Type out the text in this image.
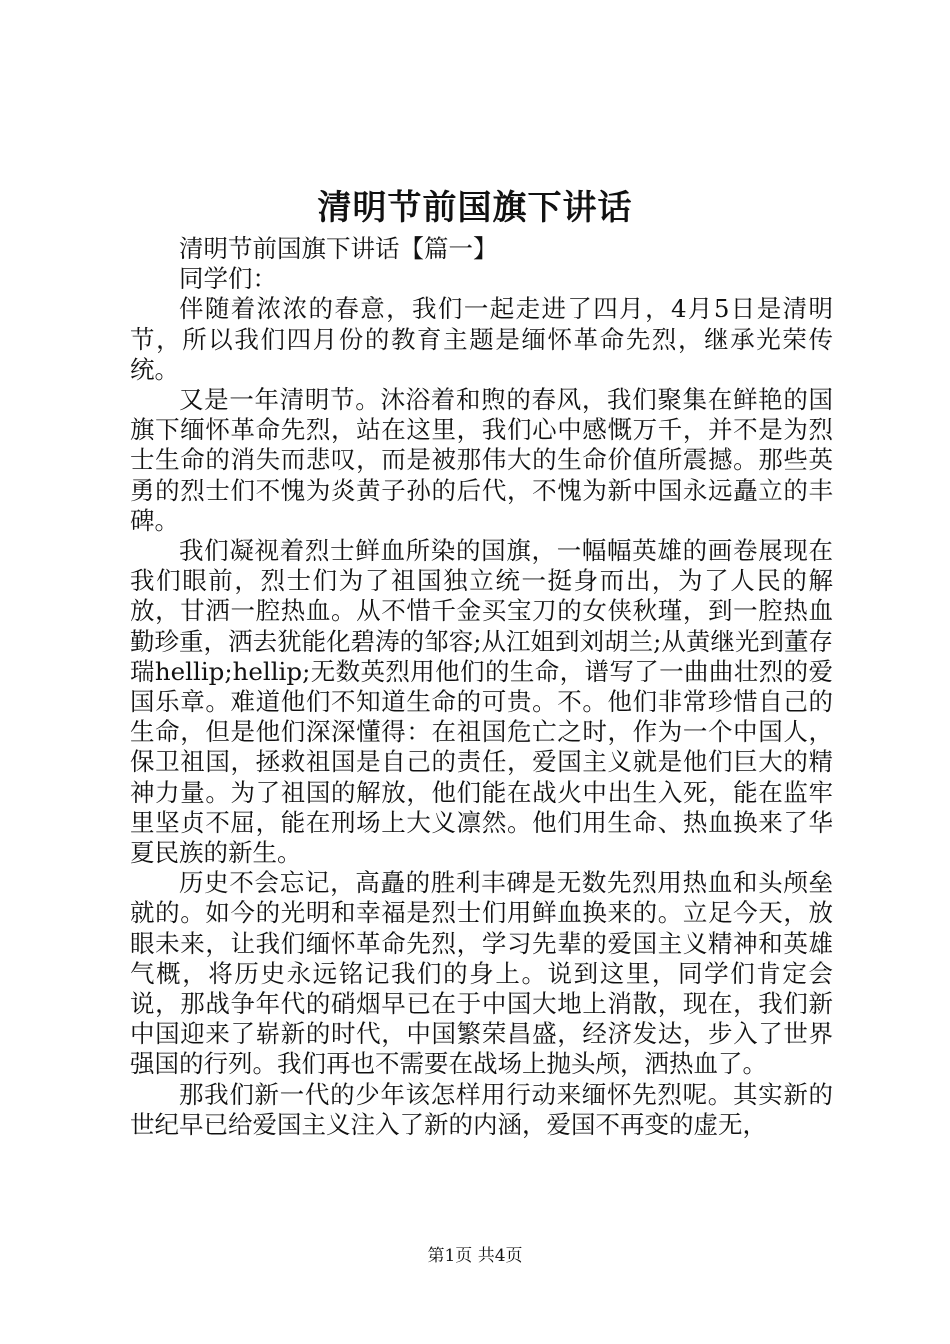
清明节前国旗下讲话

清明节前国旗下讲话【篇一】

同学们：

伴随着浓浓的春意，我们一起走进了四月，4月5日是清明节，所以我们四月份的教育主题是缅怀革命先烈，继承光荣传统。

又是一年清明节。沐浴着和煦的春风，我们聚集在鲜艳的国旗下缅怀革命先烈，站在这里，我们心中感慨万千，并不是为烈士生命的消失而悲叹，而是被那伟大的生命价值所震撼。那些英勇的烈士们不愧为炎黄子孙的后代，不愧为新中国永远矗立的丰碑。

我们凝视着烈士鲜血所染的国旗，一幅幅英雄的画卷展现在我们眼前，烈士们为了祖国独立统一挺身而出，为了人民的解放，甘洒一腔热血。从不惜千金买宝刀的女侠秋瑾，到一腔热血勤珍重，洒去犹能化碧涛的邹容;从江姐到刘胡兰;从黄继光到董存瑞hellip;hellip;无数英烈用他们的生命，谱写了一曲曲壮烈的爱国乐章。难道他们不知道生命的可贵。不。他们非常珍惜自己的生命，但是他们深深懂得：在祖国危亡之时，作为一个中国人，保卫祖国，拯救祖国是自己的责任，爱国主义就是他们巨大的精神力量。为了祖国的解放，他们能在战火中出生入死，能在监牢里坚贞不屈，能在刑场上大义凛然。他们用生命、热血换来了华夏民族的新生。

历史不会忘记，高矗的胜利丰碑是无数先烈用热血和头颅垒就的。如今的光明和幸福是烈士们用鲜血换来的。立足今天，放眼未来，让我们缅怀革命先烈，学习先辈的爱国主义精神和英雄气概，将历史永远铭记我们的身上。说到这里，同学们肯定会说，那战争年代的硝烟早已在于中国大地上消散，现在，我们新中国迎来了崭新的时代，中国繁荣昌盛，经济发达，步入了世界强国的行列。我们再也不需要在战场上抛头颅，洒热血了。

那我们新一代的少年该怎样用行动来缅怀先烈呢。其实新的世纪早已给爱国主义注入了新的内涵，爱国不再变的虚无，

第1页 共4页
